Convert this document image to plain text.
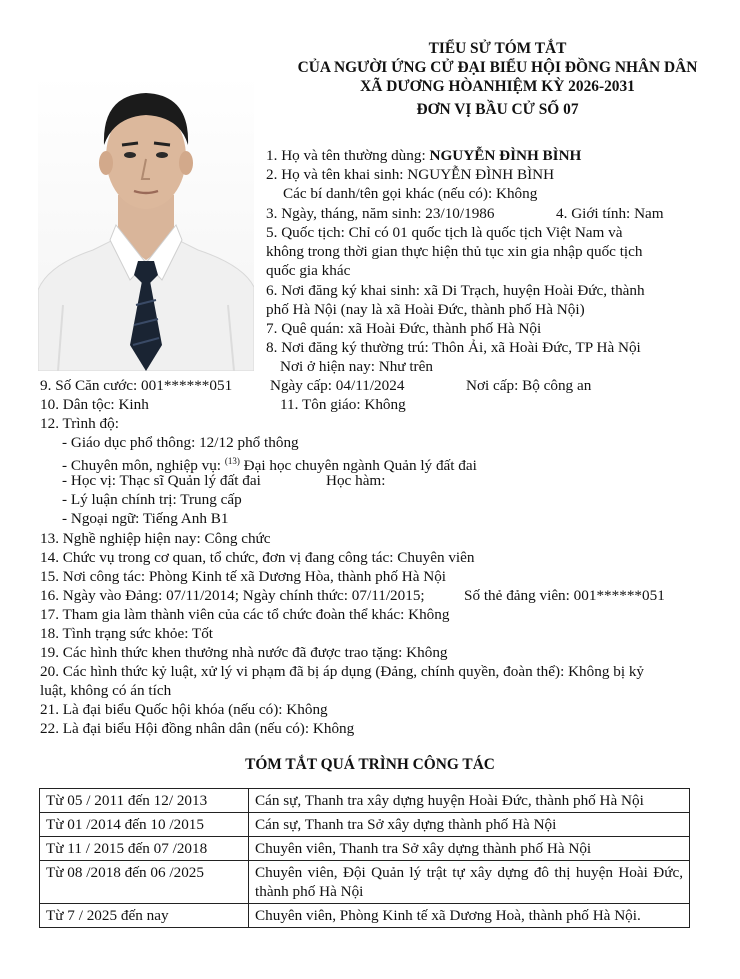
TIỂU SỬ TÓM TẮT
CỦA NGƯỜI ỨNG CỬ ĐẠI BIỂU HỘI ĐỒNG NHÂN DÂN
XÃ DƯƠNG HÒANHIỆM KỲ 2026-2031
ĐƠN VỊ BẦU CỬ SỐ 07
1. Họ và tên thường dùng: NGUYỄN ĐÌNH BÌNH
2. Họ và tên khai sinh: NGUYỄN ĐÌNH BÌNH
Các bí danh/tên gọi khác (nếu có): Không
3. Ngày, tháng, năm sinh: 23/10/1986	4. Giới tính: Nam
5. Quốc tịch: Chỉ có 01 quốc tịch là quốc tịch Việt Nam và
không trong thời gian thực hiện thủ tục xin gia nhập quốc tịch
quốc gia khác
6. Nơi đăng ký khai sinh: xã Di Trạch, huyện Hoài Đức, thành
phố Hà Nội (nay là xã Hoài Đức, thành phố Hà Nội)
7. Quê quán: xã Hoài Đức, thành phố Hà Nội
8. Nơi đăng ký thường trú: Thôn Ải, xã Hoài Đức, TP Hà Nội
Nơi ở hiện nay: Như trên
9. Số Căn cước: 001******051 Ngày cấp: 04/11/2024	Nơi cấp: Bộ công an
10. Dân tộc: Kinh	11. Tôn giáo: Không
12. Trình độ:
- Giáo dục phổ thông: 12/12 phổ thông
- Chuyên môn, nghiệp vụ: $^{(13)}$ Đại học chuyên ngành Quản lý đất đai
- Học vị: Thạc sĩ Quản lý đất đai	Học hàm:
- Lý luận chính trị: Trung cấp
- Ngoại ngữ: Tiếng Anh B1
13. Nghề nghiệp hiện nay: Công chức
14. Chức vụ trong cơ quan, tổ chức, đơn vị đang công tác: Chuyên viên
15. Nơi công tác: Phòng Kinh tế xã Dương Hòa, thành phố Hà Nội
16. Ngày vào Đảng: 07/11/2014; Ngày chính thức: 07/11/2015;	Số thẻ đảng viên: 001******051
17. Tham gia làm thành viên của các tổ chức đoàn thể khác: Không
18. Tình trạng sức khỏe: Tốt
19. Các hình thức khen thưởng nhà nước đã được trao tặng: Không
20. Các hình thức kỷ luật, xử lý vi phạm đã bị áp dụng (Đảng, chính quyền, đoàn thể): Không bị kỷ
luật, không có án tích
21. Là đại biểu Quốc hội khóa (nếu có): Không
22. Là đại biểu Hội đồng nhân dân (nếu có): Không
TÓM TẮT QUÁ TRÌNH CÔNG TÁC
Từ 05 / 2011 đến 12/ 2013	Cán sự, Thanh tra xây dựng huyện Hoài Đức, thành phố Hà Nội
Từ 01 /2014 đến 10 /2015	Cán sự, Thanh tra Sở xây dựng thành phố Hà Nội
Từ 11 / 2015 đến 07 /2018	Chuyên viên, Thanh tra Sở xây dựng thành phố Hà Nội
Từ 08 /2018 đến 06 /2025	Chuyên viên, Đội Quản lý trật tự xây dựng đô thị huyện Hoài Đức, thành phố Hà Nội
Từ 7 / 2025 đến nay	Chuyên viên, Phòng Kinh tế xã Dương Hoà, thành phố Hà Nội.
